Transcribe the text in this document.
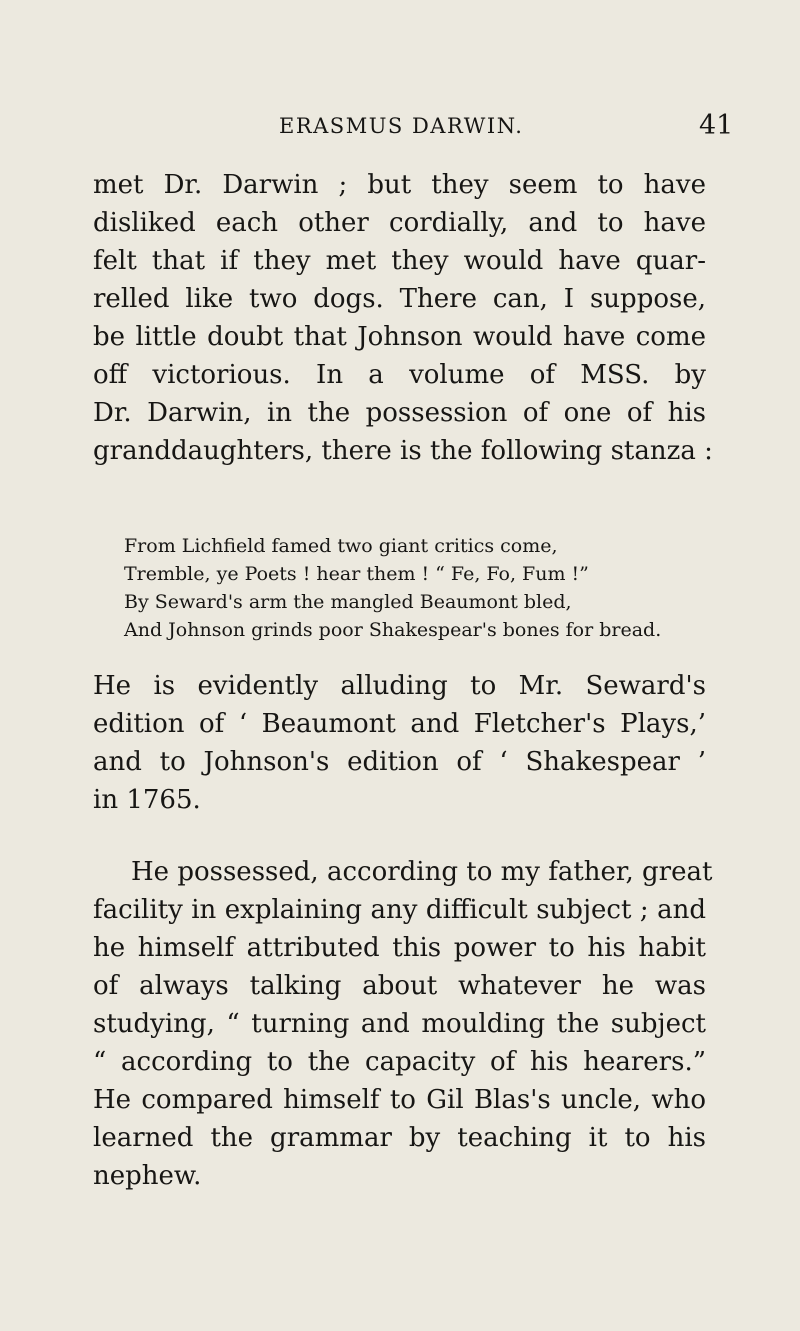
ERASMUS DARWIN.	41
met Dr. Darwin ; but they seem to have
disliked each other cordially, and to have
felt that if they met they would have quar-
relled like two dogs. There can, I suppose,
be little doubt that Johnson would have come
off victorious. In a volume of MSS. by
Dr. Darwin, in the possession of one of his
granddaughters, there is the following stanza :
From Lichfield famed two giant critics come,
Tremble, ye Poets ! hear them ! “ Fe, Fo, Fum !”
By Seward's arm the mangled Beaumont bled,
And Johnson grinds poor Shakespear's bones for bread.
He is evidently alluding to Mr. Seward's
edition of ‘ Beaumont and Fletcher's Plays,’
and to Johnson's edition of ‘ Shakespear ’
in 1765.
He possessed, according to my father, great
facility in explaining any difficult subject ; and
he himself attributed this power to his habit
of always talking about whatever he was
studying, “ turning and moulding the subject
“ according to the capacity of his hearers.”
He compared himself to Gil Blas's uncle, who
learned the grammar by teaching it to his
nephew.
